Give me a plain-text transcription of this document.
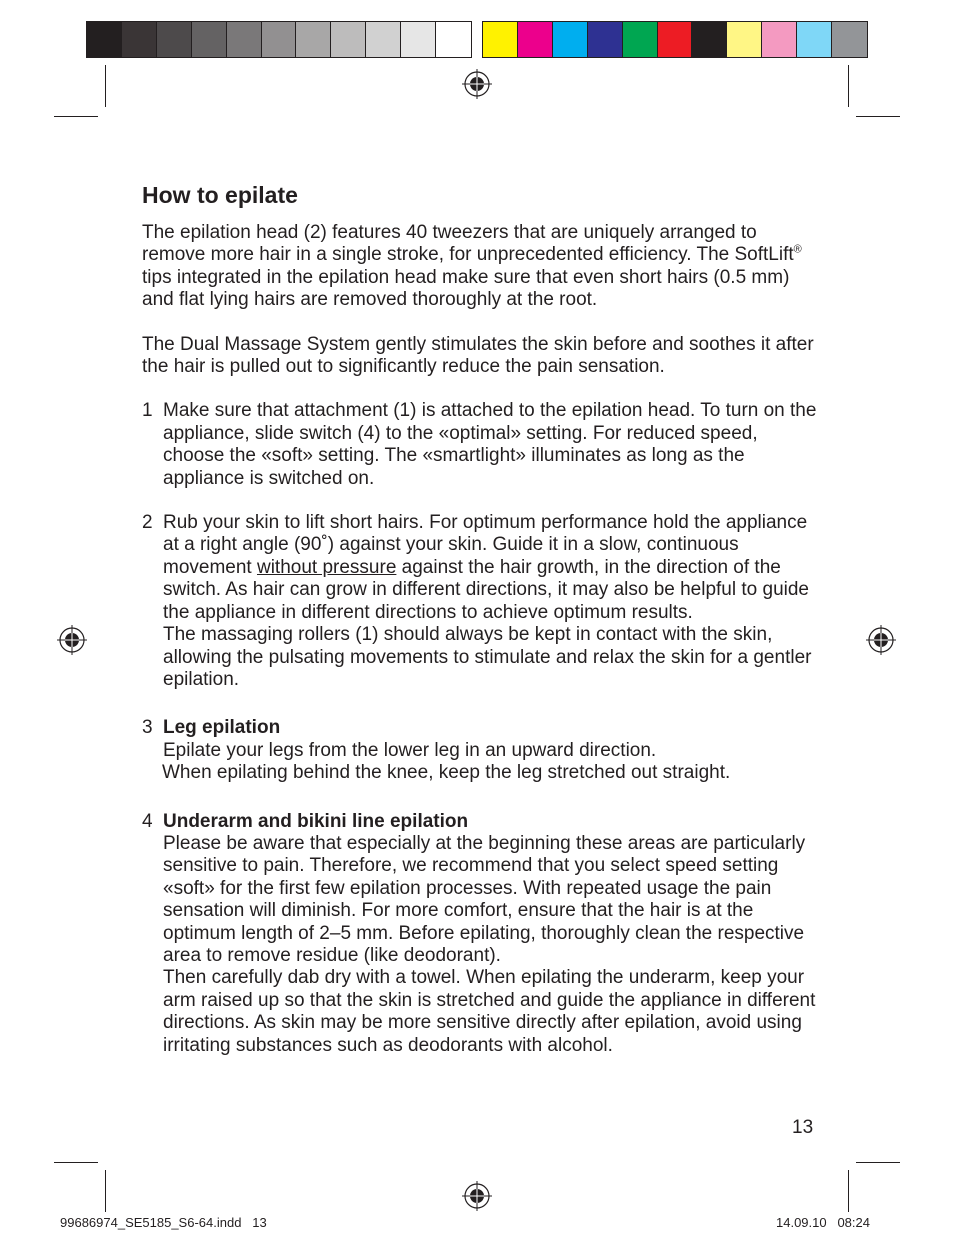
How to epilate

The epilation head (2) features 40 tweezers that are uniquely arranged to remove more hair in a single stroke, for unprecedented efficiency. The SoftLift® tips integrated in the epilation head make sure that even short hairs (0.5 mm) and flat lying hairs are removed thoroughly at the root.

The Dual Massage System gently stimulates the skin before and soothes it after the hair is pulled out to significantly reduce the pain sensation.

1 Make sure that attachment (1) is attached to the epilation head. To turn on the appliance, slide switch (4) to the «optimal» setting. For reduced speed, choose the «soft» setting. The «smartlight» illuminates as long as the appliance is switched on.

2 Rub your skin to lift short hairs. For optimum performance hold the appliance at a right angle (90˚) against your skin. Guide it in a slow, continuous movement without pressure against the hair growth, in the direction of the switch. As hair can grow in different directions, it may also be helpful to guide the appliance in different directions to achieve optimum results.

The massaging rollers (1) should always be kept in contact with the skin, allowing the pulsating movements to stimulate and relax the skin for a gentler epilation.

3 Leg epilation

Epilate your legs from the lower leg in an upward direction.

When epilating behind the knee, keep the leg stretched out straight.

4 Underarm and bikini line epilation

Please be aware that especially at the beginning these areas are particularly sensitive to pain. Therefore, we recommend that you select speed setting «soft» for the first few epilation processes. With repeated usage the pain sensation will diminish. For more comfort, ensure that the hair is at the optimum length of 2–5 mm. Before epilating, thoroughly clean the respective area to remove residue (like deodorant).

Then carefully dab dry with a towel. When epilating the underarm, keep your arm raised up so that the skin is stretched and guide the appliance in different directions. As skin may be more sensitive directly after epilation, avoid using irritating substances such as deodorants with alcohol.

13
99686974_SE5185_S6-64.indd   13	14.09.10   08:24
